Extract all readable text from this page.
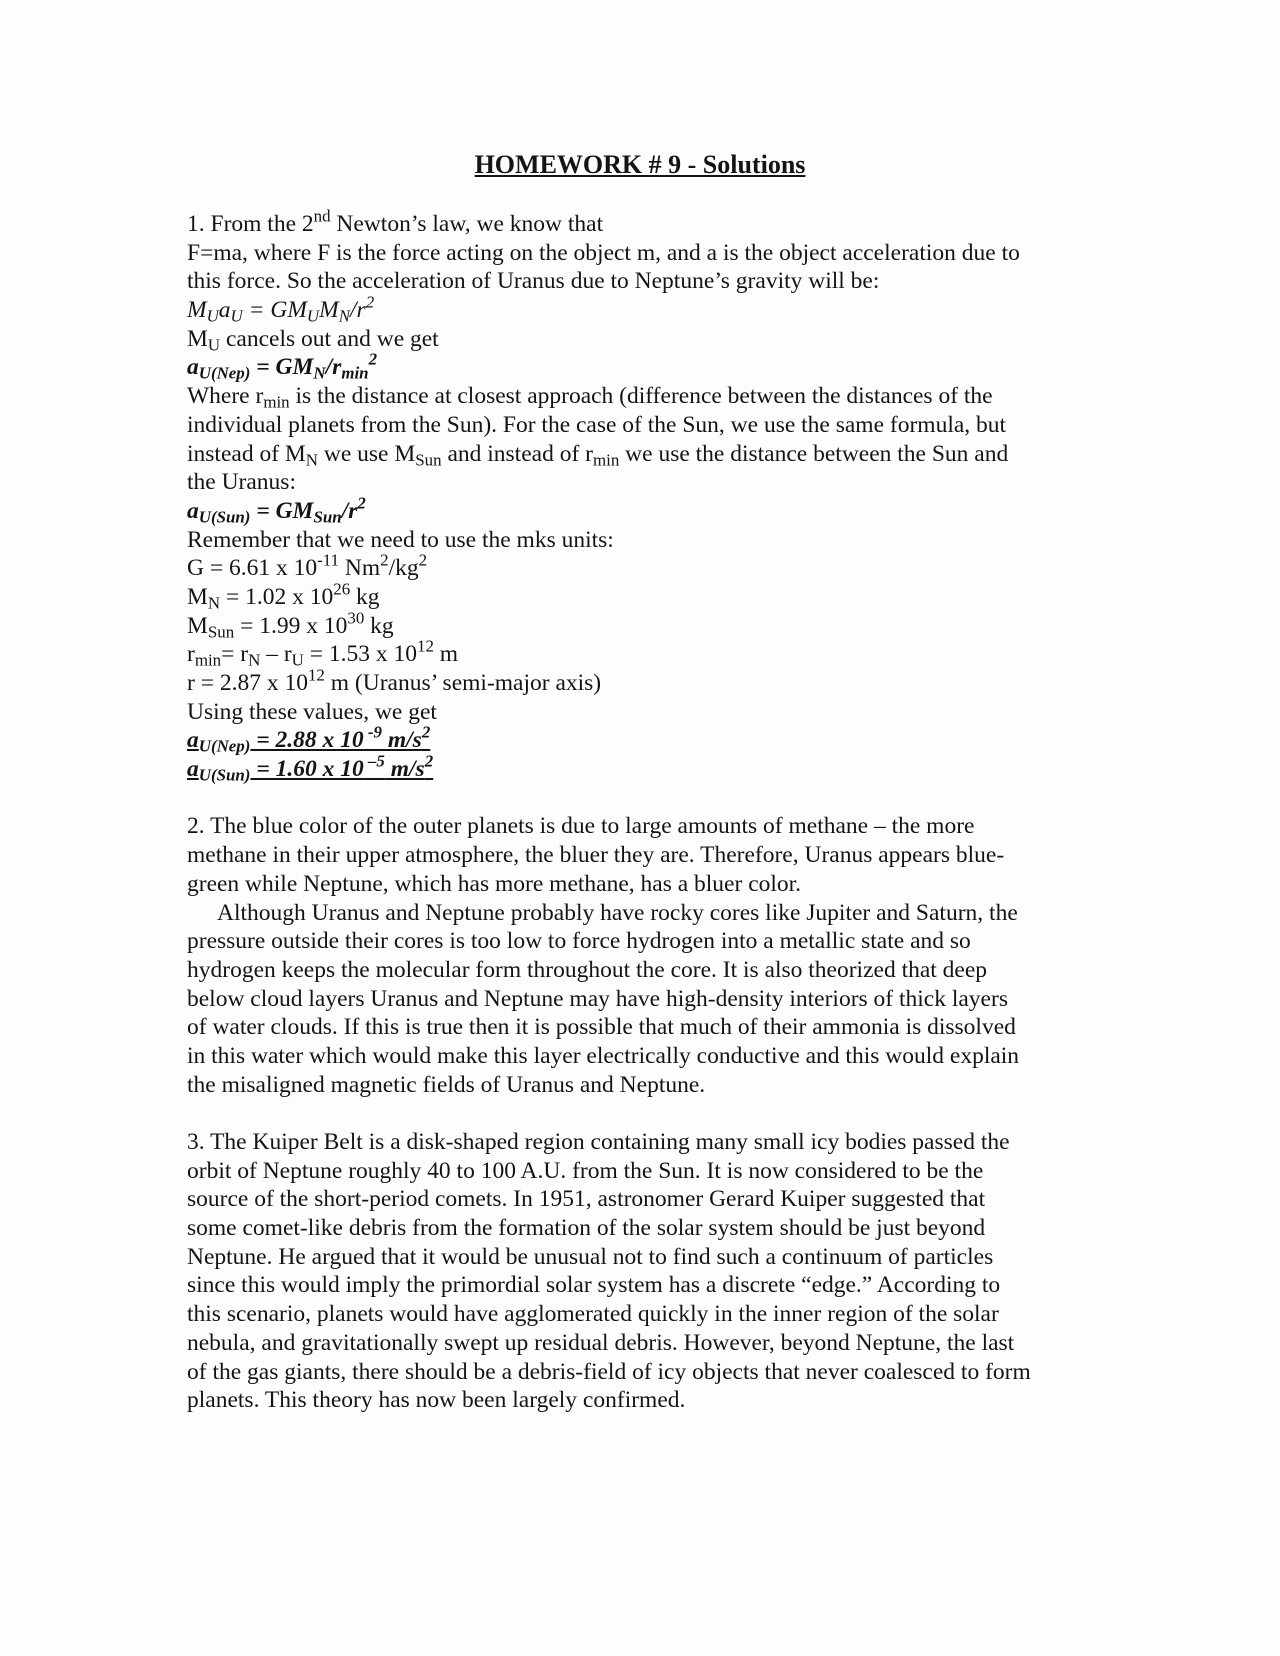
HOMEWORK # 9 - Solutions
1. From the 2nd Newton’s law, we know that
F=ma, where F is the force acting on the object m, and a is the object acceleration due to
this force. So the acceleration of Uranus due to Neptune’s gravity will be:
$M_Ua_U = GM_UM_N/r^2$
$M_U$ cancels out and we get
$a_{U(Nep)} = GM_N/r_{min}^2$
Where $r_{min}$ is the distance at closest approach (difference between the distances of the
individual planets from the Sun). For the case of the Sun, we use the same formula, but
instead of $M_N$ we use $M_{Sun}$ and instead of $r_{min}$ we use the distance between the Sun and
the Uranus:
$a_{U(Sun)} = GM_{Sun}/r^2$
Remember that we need to use the mks units:
G = 6.61 x $10^{-11}$ $Nm^2/kg^2$
$M_N = 1.02$ x $10^{26}$ kg
$M_{Sun} = 1.99$ x $10^{30}$ kg
$r_{min}= r_N - r_U = 1.53$ x $10^{12}$ m
r = 2.87 x $10^{12}$ m (Uranus’ semi-major axis)
Using these values, we get
$a_{U(Nep)} = 2.88$ x 10 $^{-9}$ $m/s^2$
$a_{U(Sun)} = 1.60$ x 10 $^{-5}$ $m/s^2$
2. The blue color of the outer planets is due to large amounts of methane – the more
methane in their upper atmosphere, the bluer they are. Therefore, Uranus appears blue-
green while Neptune, which has more methane, has a bluer color.
Although Uranus and Neptune probably have rocky cores like Jupiter and Saturn, the
pressure outside their cores is too low to force hydrogen into a metallic state and so
hydrogen keeps the molecular form throughout the core. It is also theorized that deep
below cloud layers Uranus and Neptune may have high-density interiors of thick layers
of water clouds. If this is true then it is possible that much of their ammonia is dissolved
in this water which would make this layer electrically conductive and this would explain
the misaligned magnetic fields of Uranus and Neptune.
3. The Kuiper Belt is a disk-shaped region containing many small icy bodies passed the
orbit of Neptune roughly 40 to 100 A.U. from the Sun. It is now considered to be the
source of the short-period comets. In 1951, astronomer Gerard Kuiper suggested that
some comet-like debris from the formation of the solar system should be just beyond
Neptune. He argued that it would be unusual not to find such a continuum of particles
since this would imply the primordial solar system has a discrete “edge.” According to
this scenario, planets would have agglomerated quickly in the inner region of the solar
nebula, and gravitationally swept up residual debris. However, beyond Neptune, the last
of the gas giants, there should be a debris-field of icy objects that never coalesced to form
planets. This theory has now been largely confirmed.
